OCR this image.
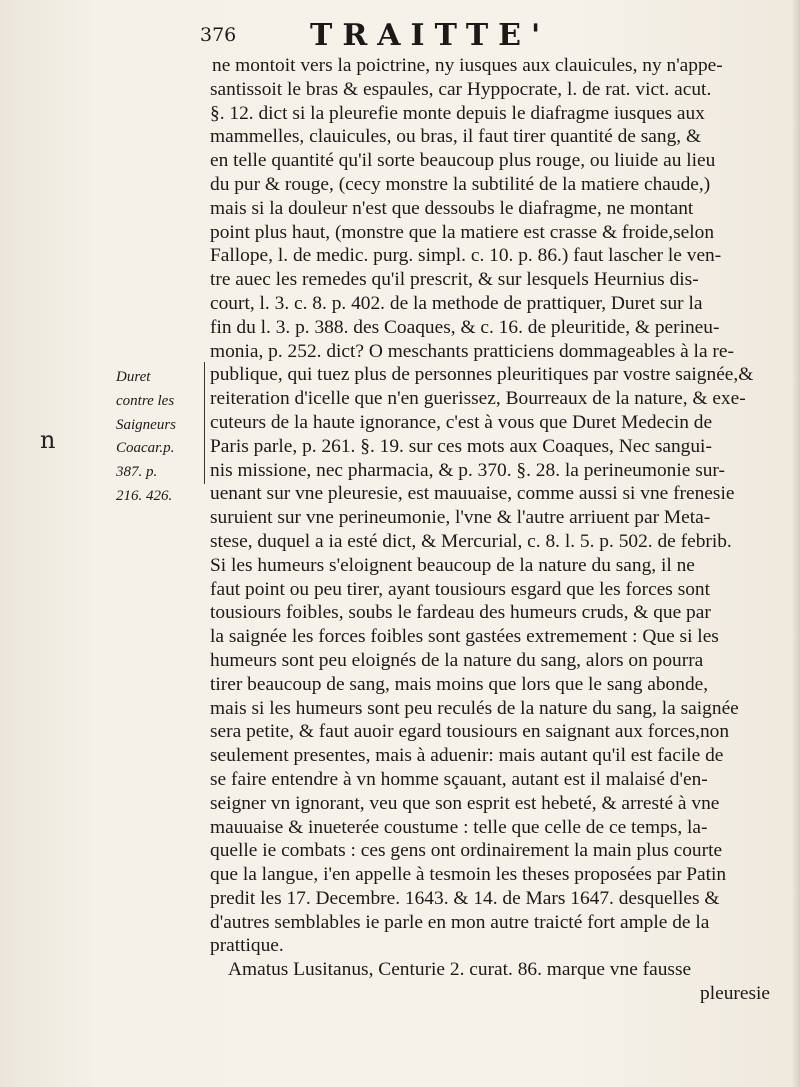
376 TRAITTE'
n
Duret
contre les
Saigneurs
Coacar.p.
387. p.
216. 426.
ne montoit vers la poictrine, ny iusques aux clauicules, ny n'appe-
santissoit le bras & espaules, car Hyppocrate, l. de rat. vict. acut.
§. 12. dict si la pleurefie monte depuis le diafragme iusques aux
mammelles, clauicules, ou bras, il faut tirer quantité de sang, &
en telle quantité qu'il sorte beaucoup plus rouge, ou liuide au lieu
du pur & rouge, (cecy monstre la subtilité de la matiere chaude,)
mais si la douleur n'est que dessoubs le diafragme, ne montant
point plus haut, (monstre que la matiere est crasse & froide,selon
Fallope, l. de medic. purg. simpl. c. 10. p. 86.) faut lascher le ven-
tre auec les remedes qu'il prescrit, & sur lesquels Heurnius dis-
court, l. 3. c. 8. p. 402. de la methode de prattiquer, Duret sur la
fin du l. 3. p. 388. des Coaques, & c. 16. de pleuritide, & perineu-
monia, p. 252. dict? O meschants pratticiens dommageables à la re-
publique, qui tuez plus de personnes pleuritiques par vostre saignée,&
reiteration d'icelle que n'en guerissez, Bourreaux de la nature, & exe-
cuteurs de la haute ignorance, c'est à vous que Duret Medecin de
Paris parle, p. 261. §. 19. sur ces mots aux Coaques, Nec sangui-
nis missione, nec pharmacia, & p. 370. §. 28. la perineumonie sur-
uenant sur vne pleuresie, est mauuaise, comme aussi si vne frenesie
suruient sur vne perineumonie, l'vne & l'autre arriuent par Meta-
stese, duquel a ia esté dict, & Mercurial, c. 8. l. 5. p. 502. de febrib.
Si les humeurs s'eloignent beaucoup de la nature du sang, il ne
faut point ou peu tirer, ayant tousiours esgard que les forces sont
tousiours foibles, soubs le fardeau des humeurs cruds, & que par
la saignée les forces foibles sont gastées extremement : Que si les
humeurs sont peu eloignés de la nature du sang, alors on pourra
tirer beaucoup de sang, mais moins que lors que le sang abonde,
mais si les humeurs sont peu reculés de la nature du sang, la saignée
sera petite, & faut auoir egard tousiours en saignant aux forces,non
seulement presentes, mais à aduenir: mais autant qu'il est facile de
se faire entendre à vn homme sçauant, autant est il malaisé d'en-
seigner vn ignorant, veu que son esprit est hebeté, & arresté à vne
mauuaise & inueterée coustume : telle que celle de ce temps, la-
quelle ie combats : ces gens ont ordinairement la main plus courte
que la langue, i'en appelle à tesmoin les theses proposées par Patin
predit les 17. Decembre. 1643. & 14. de Mars 1647. desquelles &
d'autres semblables ie parle en mon autre traicté fort ample de la
prattique.
Amatus Lusitanus, Centurie 2. curat. 86. marque vne fausse
pleuresie
